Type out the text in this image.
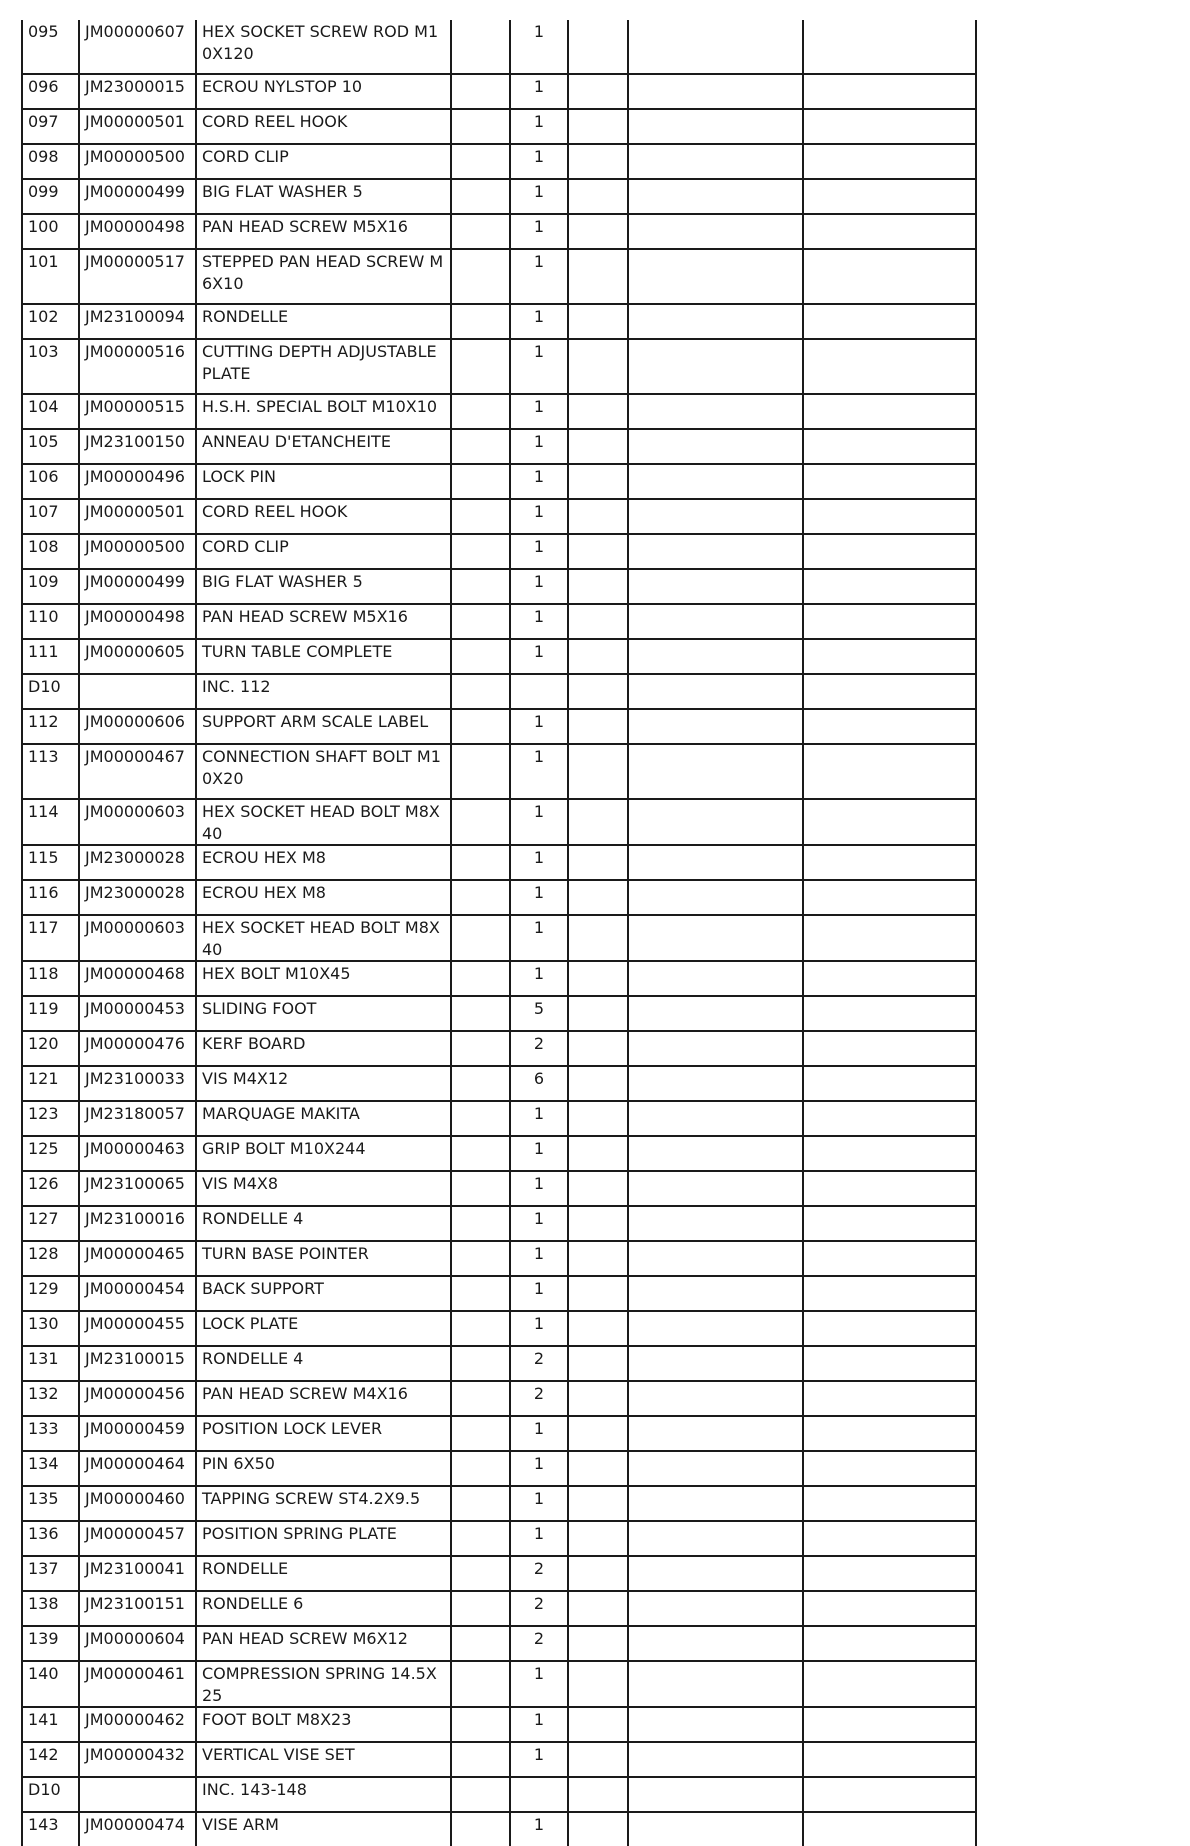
095	JM00000607	HEX SOCKET SCREW ROD M10X120		1			
096	JM23000015	ECROU NYLSTOP 10		1			
097	JM00000501	CORD REEL HOOK		1			
098	JM00000500	CORD CLIP		1			
099	JM00000499	BIG FLAT WASHER 5		1			
100	JM00000498	PAN HEAD SCREW M5X16		1			
101	JM00000517	STEPPED PAN HEAD SCREW M6X10		1			
102	JM23100094	RONDELLE		1			
103	JM00000516	CUTTING DEPTH ADJUSTABLE PLATE		1			
104	JM00000515	H.S.H. SPECIAL BOLT M10X10		1			
105	JM23100150	ANNEAU D'ETANCHEITE		1			
106	JM00000496	LOCK PIN		1			
107	JM00000501	CORD REEL HOOK		1			
108	JM00000500	CORD CLIP		1			
109	JM00000499	BIG FLAT WASHER 5		1			
110	JM00000498	PAN HEAD SCREW M5X16		1			
111	JM00000605	TURN TABLE COMPLETE		1			
D10		INC. 112					
112	JM00000606	SUPPORT ARM SCALE LABEL		1			
113	JM00000467	CONNECTION SHAFT BOLT M10X20		1			
114	JM00000603	HEX SOCKET HEAD BOLT M8X40		1			
115	JM23000028	ECROU HEX M8		1			
116	JM23000028	ECROU HEX M8		1			
117	JM00000603	HEX SOCKET HEAD BOLT M8X40		1			
118	JM00000468	HEX BOLT M10X45		1			
119	JM00000453	SLIDING FOOT		5			
120	JM00000476	KERF BOARD		2			
121	JM23100033	VIS M4X12		6			
123	JM23180057	MARQUAGE MAKITA		1			
125	JM00000463	GRIP BOLT M10X244		1			
126	JM23100065	VIS M4X8		1			
127	JM23100016	RONDELLE 4		1			
128	JM00000465	TURN BASE POINTER		1			
129	JM00000454	BACK SUPPORT		1			
130	JM00000455	LOCK PLATE		1			
131	JM23100015	RONDELLE 4		2			
132	JM00000456	PAN HEAD SCREW M4X16		2			
133	JM00000459	POSITION LOCK LEVER		1			
134	JM00000464	PIN 6X50		1			
135	JM00000460	TAPPING SCREW ST4.2X9.5		1			
136	JM00000457	POSITION SPRING PLATE		1			
137	JM23100041	RONDELLE		2			
138	JM23100151	RONDELLE 6		2			
139	JM00000604	PAN HEAD SCREW M6X12		2			
140	JM00000461	COMPRESSION SPRING 14.5X25		1			
141	JM00000462	FOOT BOLT M8X23		1			
142	JM00000432	VERTICAL VISE SET		1			
D10		INC. 143-148					
143	JM00000474	VISE ARM		1			
